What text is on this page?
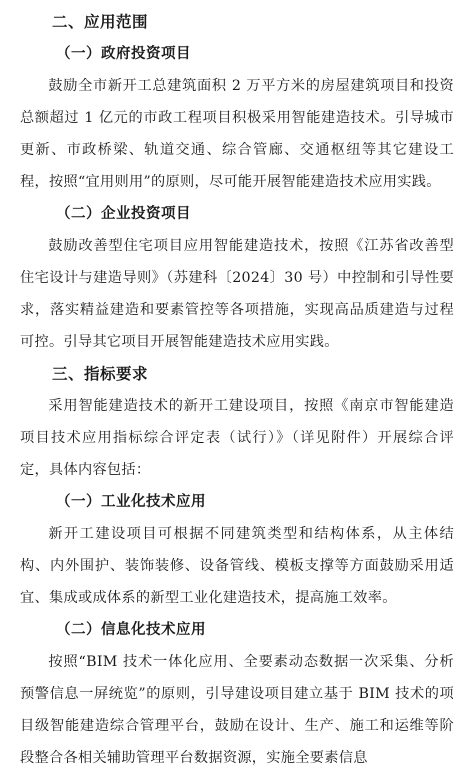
二、应用范围
（一）政府投资项目

鼓励全市新开工总建筑面积 2 万平方米的房屋建筑项目和投资总额超过 1 亿元的市政工程项目积极采用智能建造技术。引导城市更新、市政桥梁、轨道交通、综合管廊、交通枢纽等其它建设工程，按照“宜用则用”的原则，尽可能开展智能建造技术应用实践。

（二）企业投资项目

鼓励改善型住宅项目应用智能建造技术，按照《江苏省改善型住宅设计与建造导则》（苏建科〔2024〕30 号）中控制和引导性要求，落实精益建造和要素管控等各项措施，实现高品质建造与过程可控。引导其它项目开展智能建造技术应用实践。

三、指标要求

采用智能建造技术的新开工建设项目，按照《南京市智能建造项目技术应用指标综合评定表（试行）》（详见附件）开展综合评定，具体内容包括：

（一）工业化技术应用

新开工建设项目可根据不同建筑类型和结构体系，从主体结构、内外围护、装饰装修、设备管线、模板支撑等方面鼓励采用适宜、集成或成体系的新型工业化建造技术，提高施工效率。

（二）信息化技术应用

按照“BIM 技术一体化应用、全要素动态数据一次采集、分析预警信息一屏统览”的原则，引导建设项目建立基于 BIM 技术的项目级智能建造综合管理平台，鼓励在设计、生产、施工和运维等阶段整合各相关辅助管理平台数据资源，实施全要素信息
